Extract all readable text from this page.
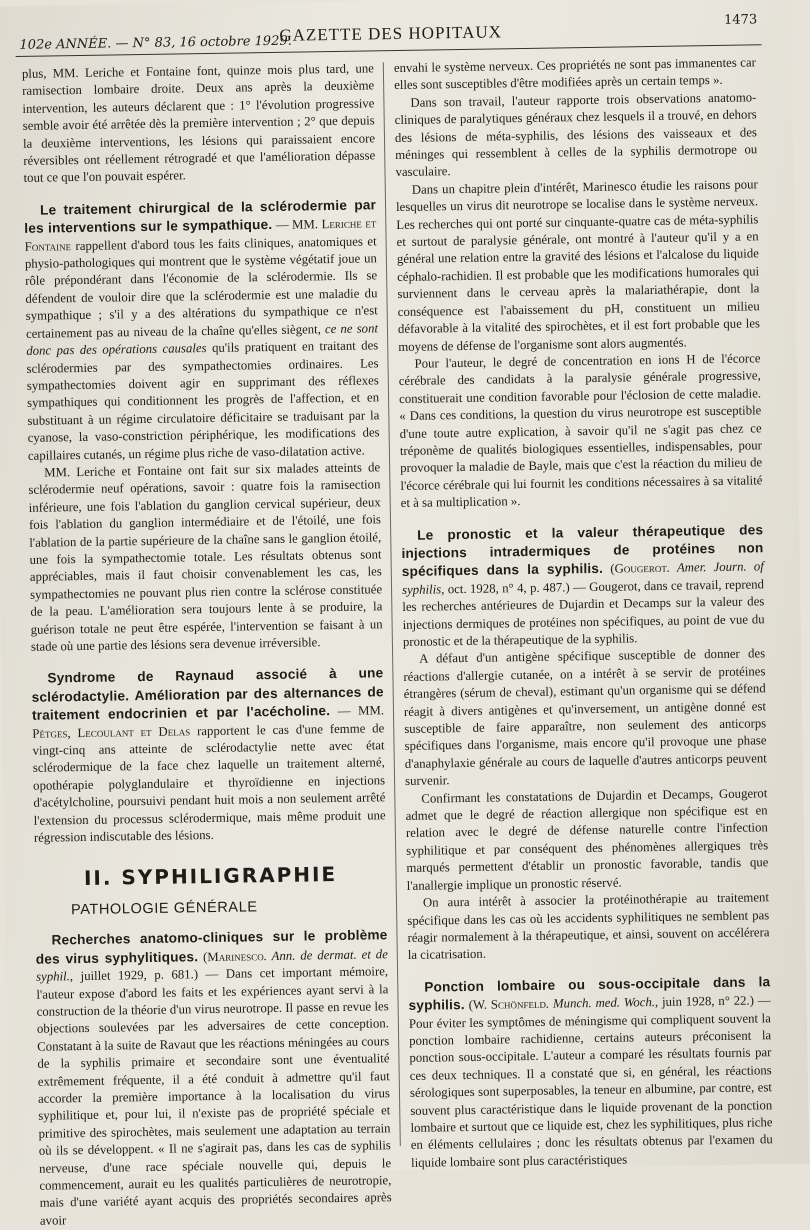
102e ANNÉE. — N° 83, 16 octobre 1929.
GAZETTE DES HOPITAUX
1473

plus, MM. Leriche et Fontaine font, quinze mois plus tard, une ramisection lombaire droite. Deux ans après la deuxième intervention, les auteurs déclarent que : 1° l'évolution progressive semble avoir été arrêtée dès la première intervention ; 2° que depuis la deuxième interventions, les lésions qui paraissaient encore réversibles ont réellement rétrogradé et que l'amélioration dépasse tout ce que l'on pouvait espérer.

Le traitement chirurgical de la sclérodermie par les interventions sur le sympathique. — MM. Leriche et Fontaine rappellent d'abord tous les faits cliniques, anatomiques et physio-pathologiques qui montrent que le système végétatif joue un rôle prépondérant dans l'économie de la sclérodermie. Ils se défendent de vouloir dire que la sclérodermie est une maladie du sympathique ; s'il y a des altérations du sympathique ce n'est certainement pas au niveau de la chaîne qu'elles siègent, ce ne sont donc pas des opérations causales qu'ils pratiquent en traitant des sclérodermies par des sympathectomies ordinaires. Les sympathectomies doivent agir en supprimant des réflexes sympathiques qui conditionnent les progrès de l'affection, et en substituant à un régime circulatoire déficitaire se traduisant par la cyanose, la vaso-constriction périphérique, les modifications des capillaires cutanés, un régime plus riche de vaso-dilatation active.

MM. Leriche et Fontaine ont fait sur six malades atteints de sclérodermie neuf opérations, savoir : quatre fois la ramisection inférieure, une fois l'ablation du ganglion cervical supérieur, deux fois l'ablation du ganglion intermédiaire et de l'étoilé, une fois l'ablation de la partie supérieure de la chaîne sans le ganglion étoilé, une fois la sympathectomie totale. Les résultats obtenus sont appréciables, mais il faut choisir convenablement les cas, les sympathectomies ne pouvant plus rien contre la sclérose constituée de la peau. L'amélioration sera toujours lente à se produire, la guérison totale ne peut être espérée, l'intervention se faisant à un stade où une partie des lésions sera devenue irréversible.

Syndrome de Raynaud associé à une sclérodactylie. Amélioration par des alternances de traitement endocrinien et par l'acécholine. — MM. Pètges, Lecoulant et Delas rapportent le cas d'une femme de vingt-cinq ans atteinte de sclérodactylie nette avec état sclérodermique de la face chez laquelle un traitement alterné, opothérapie polyglandulaire et thyroïdienne en injections d'acétylcholine, poursuivi pendant huit mois a non seulement arrêté l'extension du processus sclérodermique, mais même produit une régression indiscutable des lésions.

II. SYPHILIGRAPHIE
PATHOLOGIE GÉNÉRALE

Recherches anatomo-cliniques sur le problème des virus syphylitiques. (Marinesco. Ann. de dermat. et de syphil., juillet 1929, p. 681.) — Dans cet important mémoire, l'auteur expose d'abord les faits et les expériences ayant servi à la construction de la théorie d'un virus neurotrope. Il passe en revue les objections soulevées par les adversaires de cette conception. Constatant à la suite de Ravaut que les réactions méningées au cours de la syphilis primaire et secondaire sont une éventualité extrêmement fréquente, il a été conduit à admettre qu'il faut accorder la première importance à la localisation du virus syphilitique et, pour lui, il n'existe pas de propriété spéciale et primitive des spirochètes, mais seulement une adaptation au terrain où ils se développent. « Il ne s'agirait pas, dans les cas de syphilis nerveuse, d'une race spéciale nouvelle qui, depuis le commencement, aurait eu les qualités particulières de neurotropie, mais d'une variété ayant acquis des propriétés secondaires après avoir

envahi le système nerveux. Ces propriétés ne sont pas immanentes car elles sont susceptibles d'être modifiées après un certain temps ».

Dans son travail, l'auteur rapporte trois observations anatomo-cliniques de paralytiques généraux chez lesquels il a trouvé, en dehors des lésions de méta-syphilis, des lésions des vaisseaux et des méninges qui ressemblent à celles de la syphilis dermotrope ou vasculaire.

Dans un chapitre plein d'intérêt, Marinesco étudie les raisons pour lesquelles un virus dit neurotrope se localise dans le système nerveux. Les recherches qui ont porté sur cinquante-quatre cas de méta-syphilis et surtout de paralysie générale, ont montré à l'auteur qu'il y a en général une relation entre la gravité des lésions et l'alcalose du liquide céphalo-rachidien. Il est probable que les modifications humorales qui surviennent dans le cerveau après la malariathérapie, dont la conséquence est l'abaissement du pH, constituent un milieu défavorable à la vitalité des spirochètes, et il est fort probable que les moyens de défense de l'organisme sont alors augmentés.

Pour l'auteur, le degré de concentration en ions H de l'écorce cérébrale des candidats à la paralysie générale progressive, constituerait une condition favorable pour l'éclosion de cette maladie. « Dans ces conditions, la question du virus neurotrope est susceptible d'une toute autre explication, à savoir qu'il ne s'agit pas chez ce tréponème de qualités biologiques essentielles, indispensables, pour provoquer la maladie de Bayle, mais que c'est la réaction du milieu de l'écorce cérébrale qui lui fournit les conditions nécessaires à sa vitalité et à sa multiplication ».

Le pronostic et la valeur thérapeutique des injections intradermiques de protéines non spécifiques dans la syphilis. (Gougerot. Amer. Journ. of syphilis, oct. 1928, n° 4, p. 487.) — Gougerot, dans ce travail, reprend les recherches antérieures de Dujardin et Decamps sur la valeur des injections dermiques de protéines non spécifiques, au point de vue du pronostic et de la thérapeutique de la syphilis.

A défaut d'un antigène spécifique susceptible de donner des réactions d'allergie cutanée, on a intérêt à se servir de protéines étrangères (sérum de cheval), estimant qu'un organisme qui se défend réagit à divers antigènes et qu'inversement, un antigène donné est susceptible de faire apparaître, non seulement des anticorps spécifiques dans l'organisme, mais encore qu'il provoque une phase d'anaphylaxie générale au cours de laquelle d'autres anticorps peuvent survenir.

Confirmant les constatations de Dujardin et Decamps, Gougerot admet que le degré de réaction allergique non spécifique est en relation avec le degré de défense naturelle contre l'infection syphilitique et par conséquent des phénomènes allergiques très marqués permettent d'établir un pronostic favorable, tandis que l'anallergie implique un pronostic réservé.

On aura intérêt à associer la protéinothérapie au traitement spécifique dans les cas où les accidents syphilitiques ne semblent pas réagir normalement à la thérapeutique, et ainsi, souvent on accélérera la cicatrisation.

Ponction lombaire ou sous-occipitale dans la syphilis. (W. Schönfeld. Munch. med. Woch., juin 1928, n° 22.) — Pour éviter les symptômes de méningisme qui compliquent souvent la ponction lombaire rachidienne, certains auteurs préconisent la ponction sous-occipitale. L'auteur a comparé les résultats fournis par ces deux techniques. Il a constaté que si, en général, les réactions sérologiques sont superposables, la teneur en albumine, par contre, est souvent plus caractéristique dans le liquide provenant de la ponction lombaire et surtout que ce liquide est, chez les syphilitiques, plus riche en éléments cellulaires ; donc les résultats obtenus par l'examen du liquide lombaire sont plus caractéristiques
